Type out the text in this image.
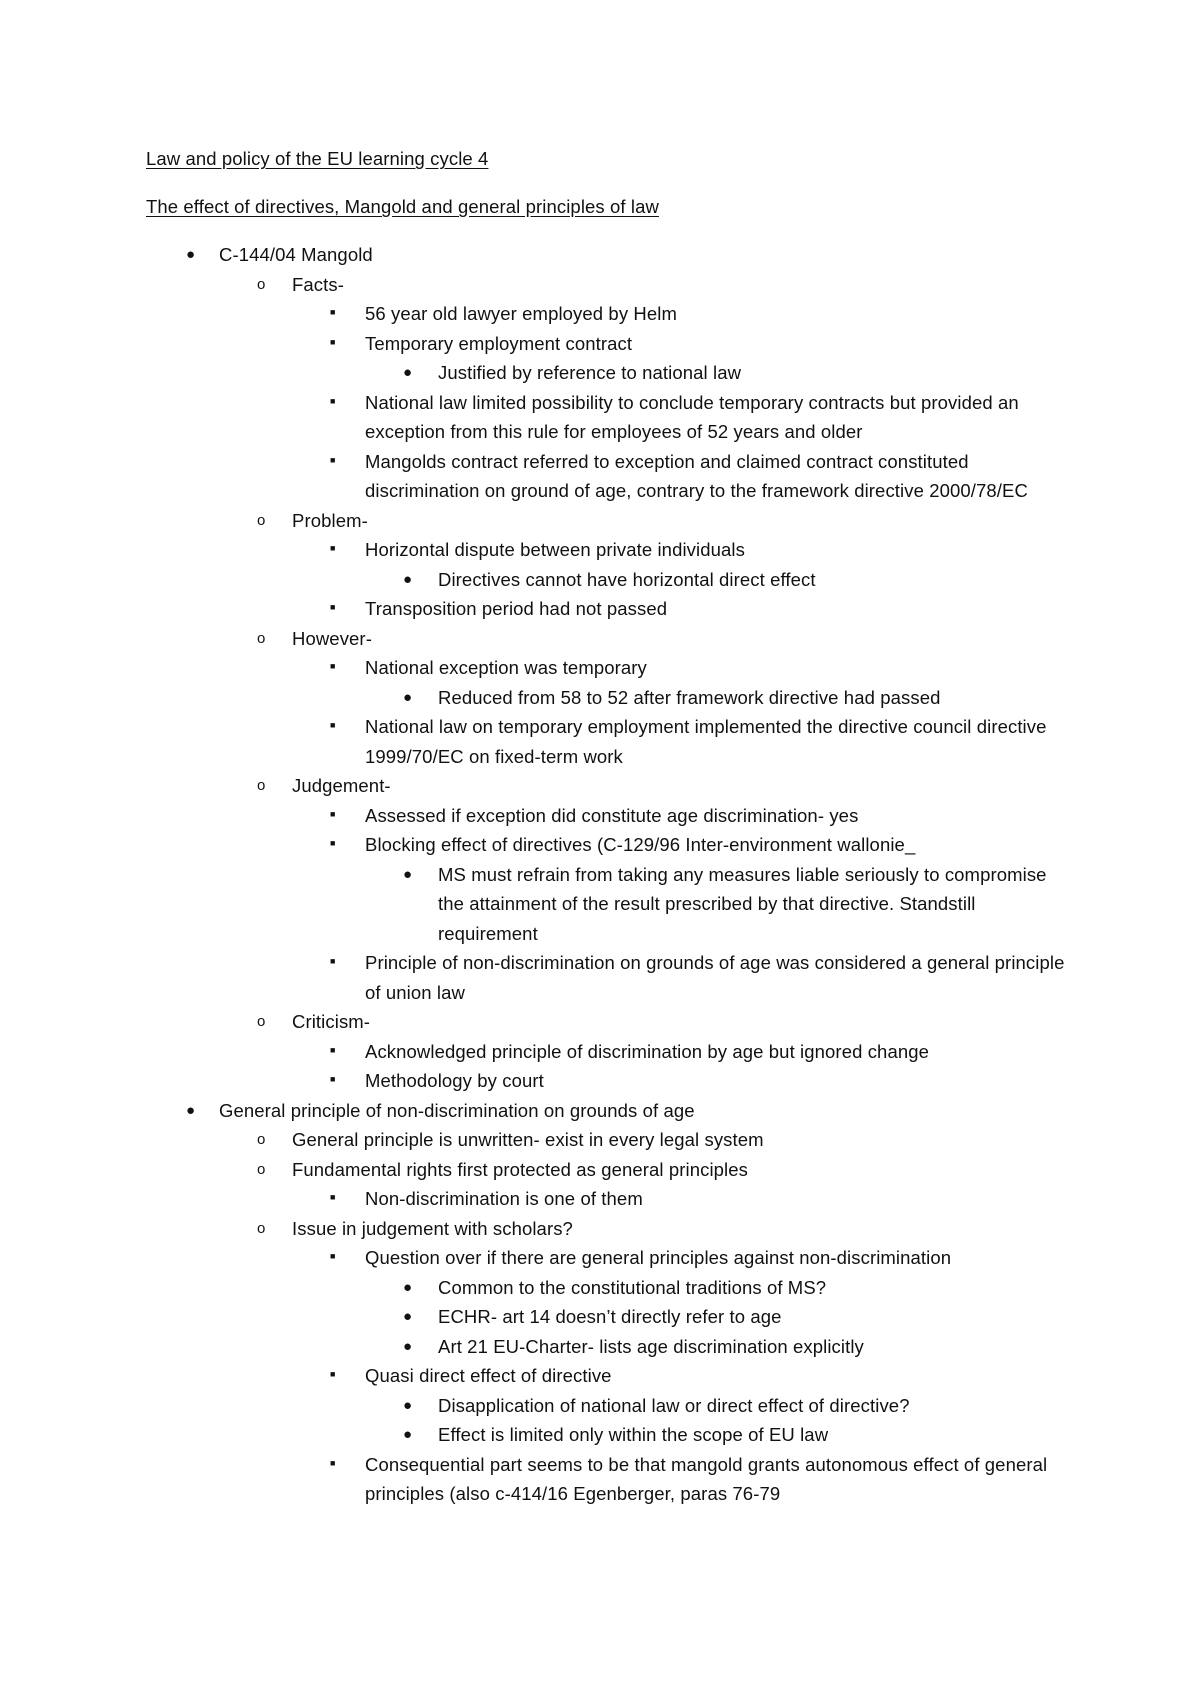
Law and policy of the EU learning cycle 4
The effect of directives, Mangold and general principles of law
● C-144/04 Mangold
o Facts-
■ 56 year old lawyer employed by Helm
■ Temporary employment contract
● Justified by reference to national law
■ National law limited possibility to conclude temporary contracts but provided an exception from this rule for employees of 52 years and older
■ Mangolds contract referred to exception and claimed contract constituted discrimination on ground of age, contrary to the framework directive 2000/78/EC
o Problem-
■ Horizontal dispute between private individuals
● Directives cannot have horizontal direct effect
■ Transposition period had not passed
o However-
■ National exception was temporary
● Reduced from 58 to 52 after framework directive had passed
■ National law on temporary employment implemented the directive council directive 1999/70/EC on fixed-term work
o Judgement-
■ Assessed if exception did constitute age discrimination- yes
■ Blocking effect of directives (C-129/96 Inter-environment wallonie_
● MS must refrain from taking any measures liable seriously to compromise the attainment of the result prescribed by that directive. Standstill requirement
■ Principle of non-discrimination on grounds of age was considered a general principle of union law
o Criticism-
■ Acknowledged principle of discrimination by age but ignored change
■ Methodology by court
● General principle of non-discrimination on grounds of age
o General principle is unwritten- exist in every legal system
o Fundamental rights first protected as general principles
■ Non-discrimination is one of them
o Issue in judgement with scholars?
■ Question over if there are general principles against non-discrimination
● Common to the constitutional traditions of MS?
● ECHR- art 14 doesn’t directly refer to age
● Art 21 EU-Charter- lists age discrimination explicitly
■ Quasi direct effect of directive
● Disapplication of national law or direct effect of directive?
● Effect is limited only within the scope of EU law
■ Consequential part seems to be that mangold grants autonomous effect of general principles (also c-414/16 Egenberger, paras 76-79
